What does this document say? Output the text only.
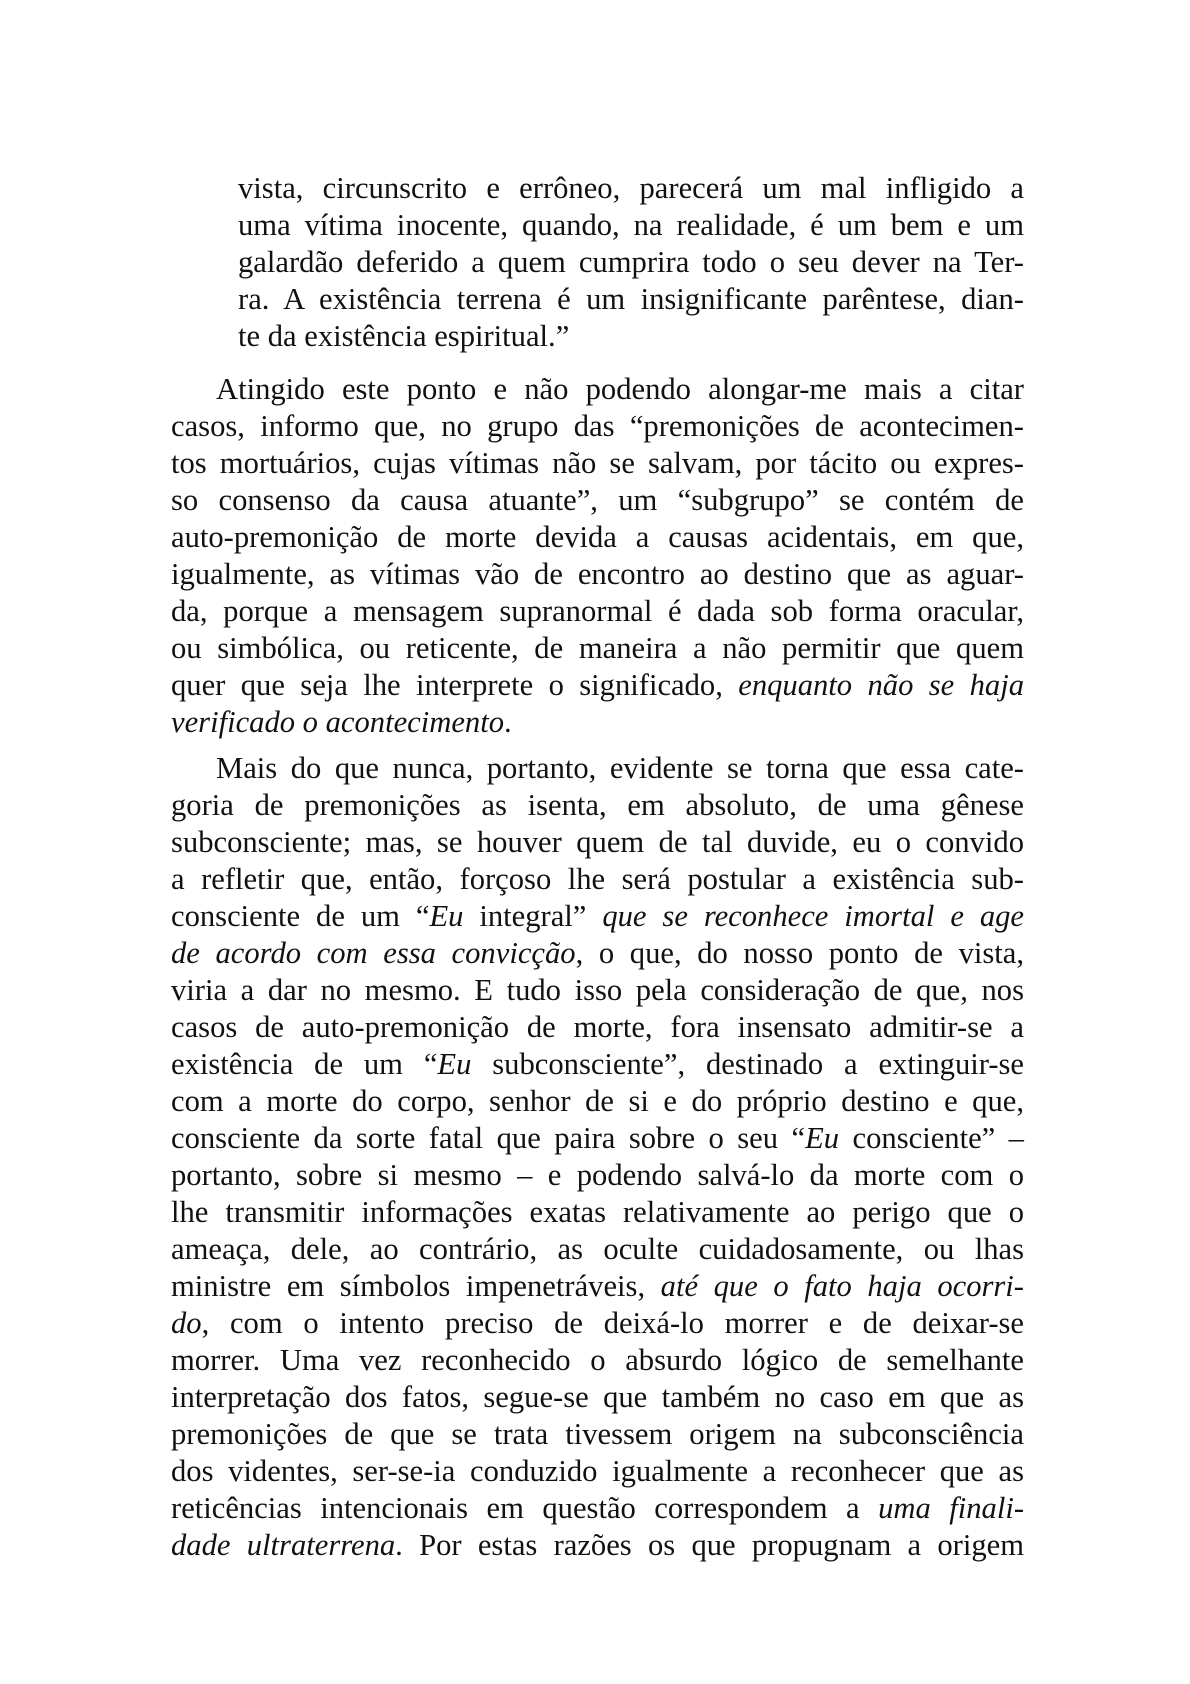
vista, circunscrito e errôneo, parecerá um mal infligido a
uma vítima inocente, quando, na realidade, é um bem e um
galardão deferido a quem cumprira todo o seu dever na Ter-
ra. A existência terrena é um insignificante parêntese, dian-
te da existência espiritual.”
Atingido este ponto e não podendo alongar-me mais a citar
casos, informo que, no grupo das “premonições de acontecimen-
tos mortuários, cujas vítimas não se salvam, por tácito ou expres-
so consenso da causa atuante”, um “subgrupo” se contém de
auto-premonição de morte devida a causas acidentais, em que,
igualmente, as vítimas vão de encontro ao destino que as aguar-
da, porque a mensagem supranormal é dada sob forma oracular,
ou simbólica, ou reticente, de maneira a não permitir que quem
quer que seja lhe interprete o significado, enquanto não se haja
verificado o acontecimento.
Mais do que nunca, portanto, evidente se torna que essa cate-
goria de premonições as isenta, em absoluto, de uma gênese
subconsciente; mas, se houver quem de tal duvide, eu o convido
a refletir que, então, forçoso lhe será postular a existência sub-
consciente de um “Eu integral” que se reconhece imortal e age
de acordo com essa convicção, o que, do nosso ponto de vista,
viria a dar no mesmo. E tudo isso pela consideração de que, nos
casos de auto-premonição de morte, fora insensato admitir-se a
existência de um “Eu subconsciente”, destinado a extinguir-se
com a morte do corpo, senhor de si e do próprio destino e que,
consciente da sorte fatal que paira sobre o seu “Eu consciente” –
portanto, sobre si mesmo – e podendo salvá-lo da morte com o
lhe transmitir informações exatas relativamente ao perigo que o
ameaça, dele, ao contrário, as oculte cuidadosamente, ou lhas
ministre em símbolos impenetráveis, até que o fato haja ocorri-
do, com o intento preciso de deixá-lo morrer e de deixar-se
morrer. Uma vez reconhecido o absurdo lógico de semelhante
interpretação dos fatos, segue-se que também no caso em que as
premonições de que se trata tivessem origem na subconsciência
dos videntes, ser-se-ia conduzido igualmente a reconhecer que as
reticências intencionais em questão correspondem a uma finali-
dade ultraterrena. Por estas razões os que propugnam a origem
